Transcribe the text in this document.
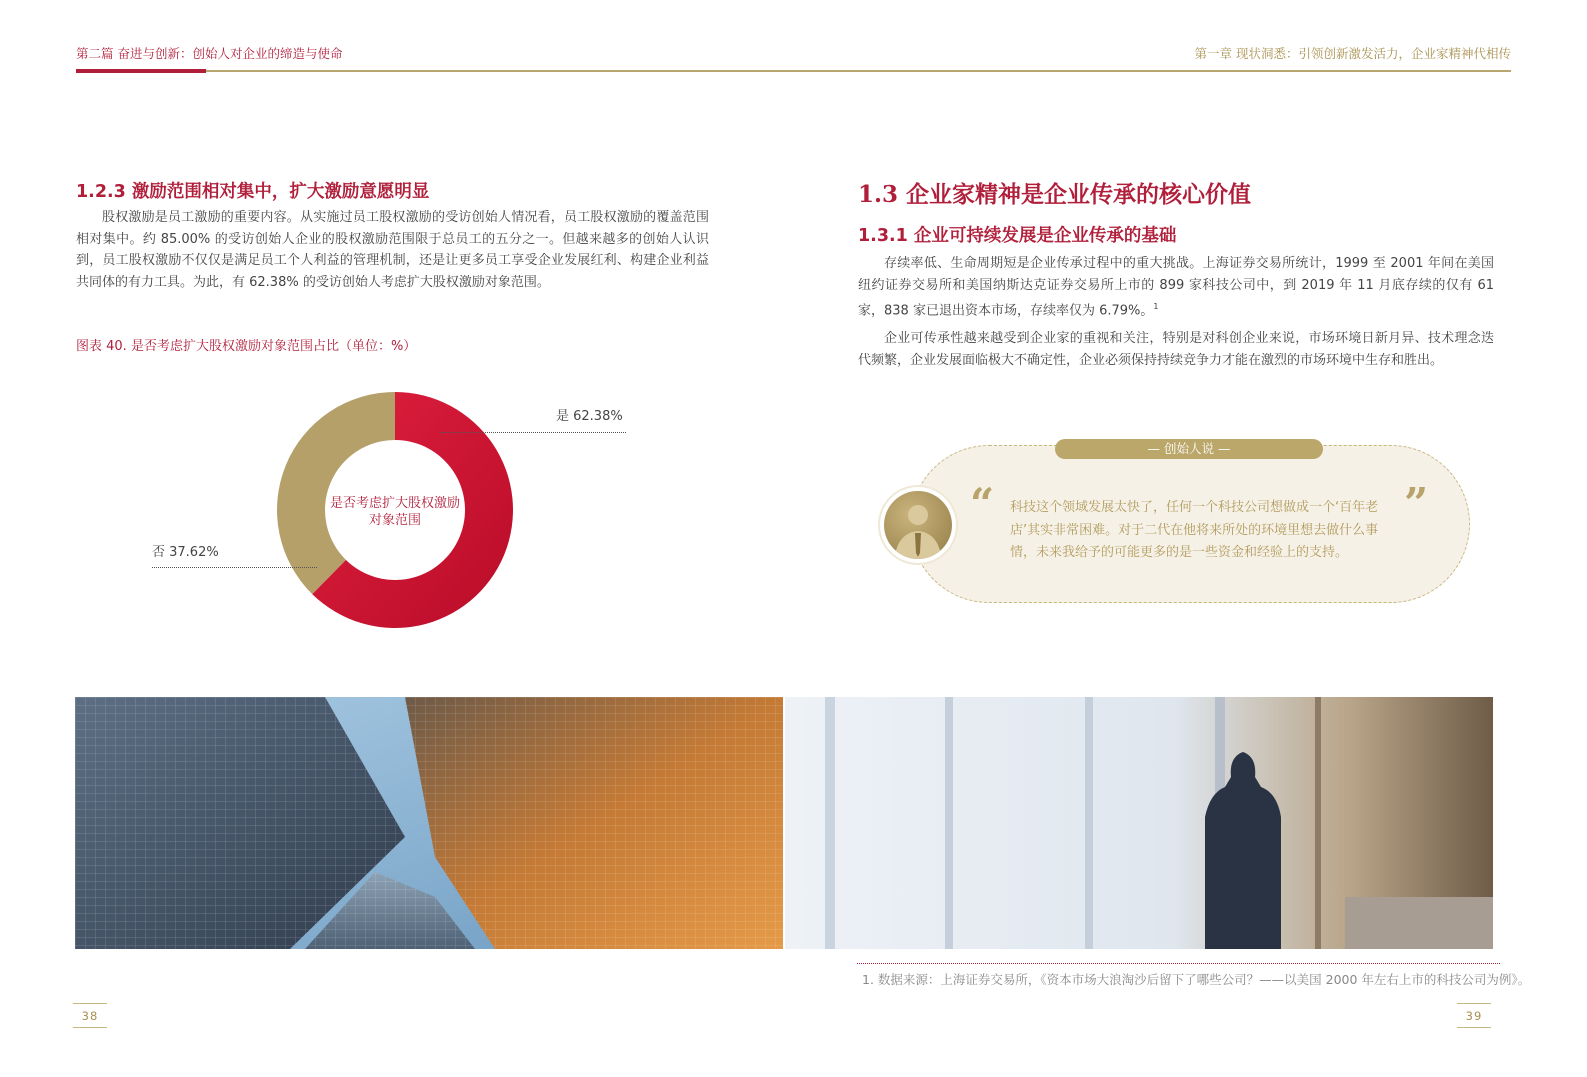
第二篇 奋进与创新：创始人对企业的缔造与使命	第一章 现状洞悉：引领创新激发活力，企业家精神代相传
1.2.3 激励范围相对集中，扩大激励意愿明显
股权激励是员工激励的重要内容。从实施过员工股权激励的受访创始人情况看，员工股权激励的覆盖范围相对集中。约 85.00% 的受访创始人企业的股权激励范围限于总员工的五分之一。但越来越多的创始人认识到，员工股权激励不仅仅是满足员工个人利益的管理机制，还是让更多员工享受企业发展红利、构建企业利益共同体的有力工具。为此，有 62.38% 的受访创始人考虑扩大股权激励对象范围。
图表 40. 是否考虑扩大股权激励对象范围占比（单位：%）
是否考虑扩大股权激励对象范围
是 62.38%
否 37.62%
1.3 企业家精神是企业传承的核心价值
1.3.1 企业可持续发展是企业传承的基础
存续率低、生命周期短是企业传承过程中的重大挑战。上海证券交易所统计，1999 至 2001 年间在美国纽约证券交易所和美国纳斯达克证券交易所上市的 899 家科技公司中，到 2019 年 11 月底存续的仅有 61 家，838 家已退出资本市场，存续率仅为 6.79%。$^1$
企业可传承性越来越受到企业家的重视和关注，特别是对科创企业来说，市场环境日新月异、技术理念迭代频繁，企业发展面临极大不确定性，企业必须保持持续竞争力才能在激烈的市场环境中生存和胜出。
— 创始人说 —
“	”
科技这个领域发展太快了，任何一个科技公司想做成一个‘百年老店’其实非常困难。对于二代在他将来所处的环境里想去做什么事情，未来我给予的可能更多的是一些资金和经验上的支持。
1. 数据来源：上海证券交易所，《资本市场大浪淘沙后留下了哪些公司？——以美国 2000 年左右上市的科技公司为例》。
38	39
